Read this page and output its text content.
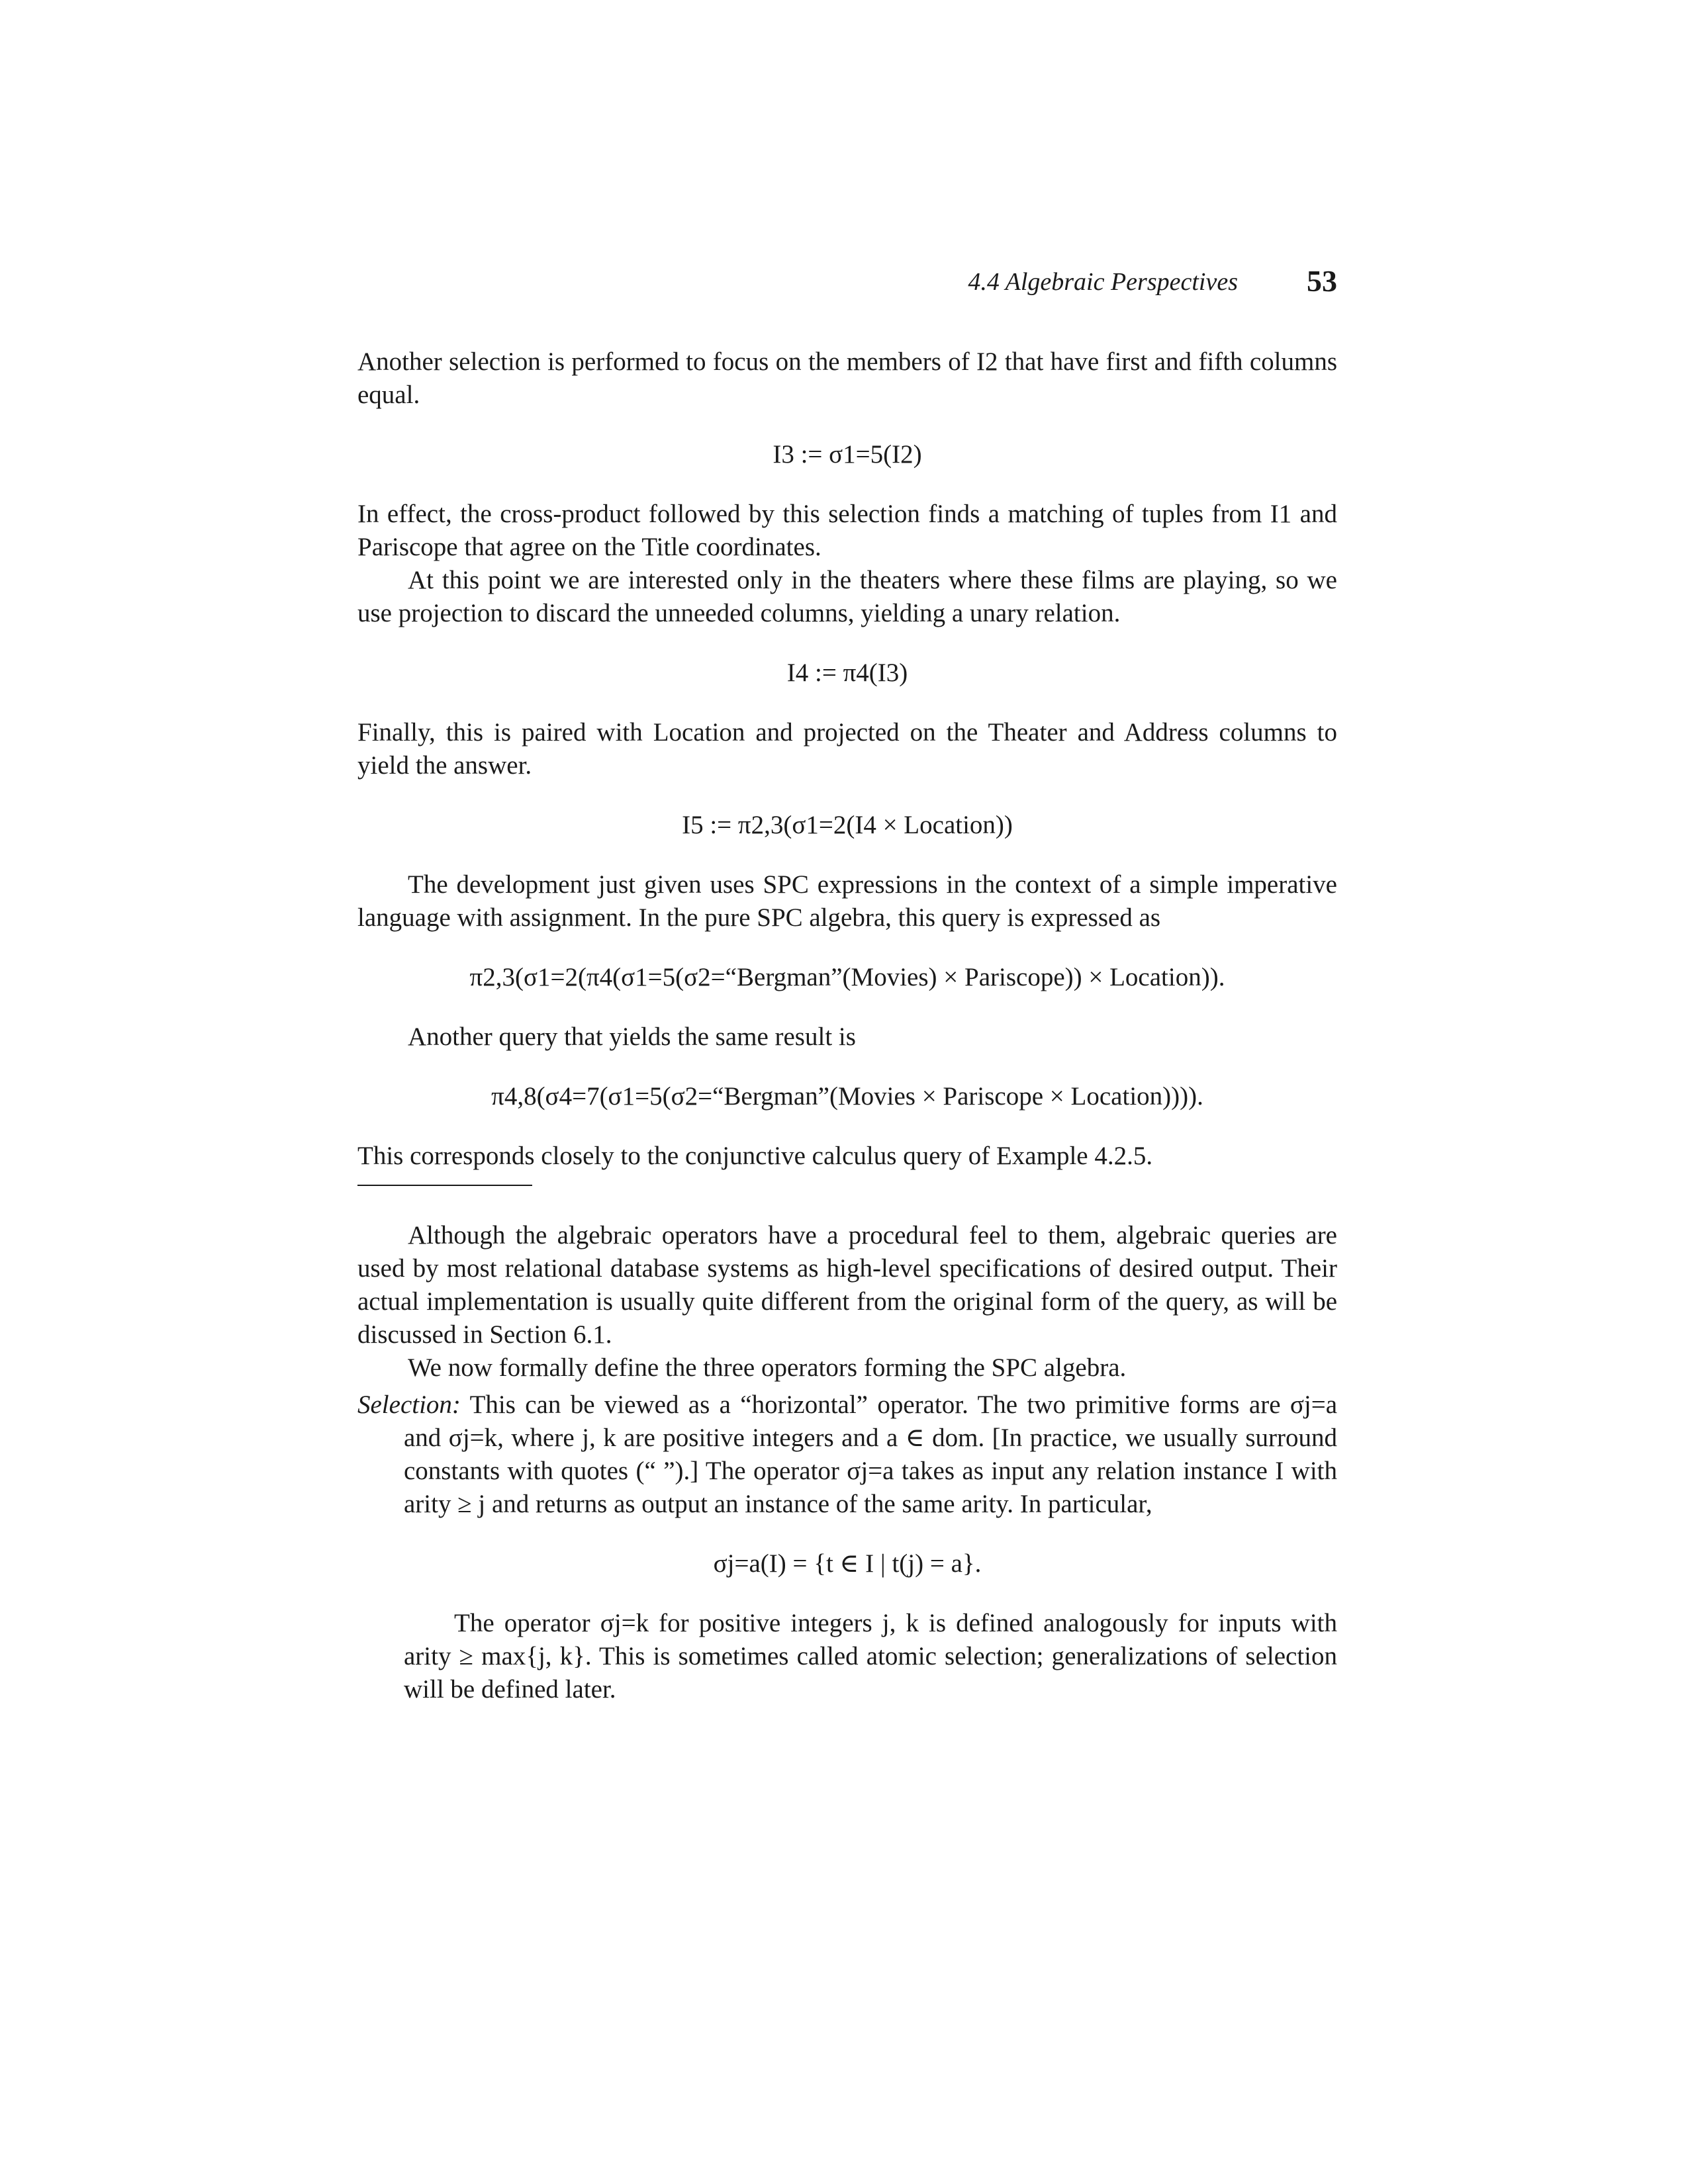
4.4 Algebraic Perspectives 53

Another selection is performed to focus on the members of I2 that have first and fifth columns equal.

I3 := σ1=5(I2)

In effect, the cross-product followed by this selection finds a matching of tuples from I1 and Pariscope that agree on the Title coordinates.

At this point we are interested only in the theaters where these films are playing, so we use projection to discard the unneeded columns, yielding a unary relation.

I4 := π4(I3)

Finally, this is paired with Location and projected on the Theater and Address columns to yield the answer.

I5 := π2,3(σ1=2(I4 × Location))

The development just given uses SPC expressions in the context of a simple imperative language with assignment. In the pure SPC algebra, this query is expressed as

π2,3(σ1=2(π4(σ1=5(σ2=“Bergman”(Movies) × Pariscope)) × Location)).

Another query that yields the same result is

π4,8(σ4=7(σ1=5(σ2=“Bergman”(Movies × Pariscope × Location)))).

This corresponds closely to the conjunctive calculus query of Example 4.2.5.

Although the algebraic operators have a procedural feel to them, algebraic queries are used by most relational database systems as high-level specifications of desired output. Their actual implementation is usually quite different from the original form of the query, as will be discussed in Section 6.1.

We now formally define the three operators forming the SPC algebra.

Selection: This can be viewed as a “horizontal” operator. The two primitive forms are σj=a and σj=k, where j, k are positive integers and a ∈ dom. [In practice, we usually surround constants with quotes (“ ”).] The operator σj=a takes as input any relation instance I with arity ≥ j and returns as output an instance of the same arity. In particular,

σj=a(I) = {t ∈ I | t(j) = a}.

The operator σj=k for positive integers j, k is defined analogously for inputs with arity ≥ max{j, k}. This is sometimes called atomic selection; generalizations of selection will be defined later.
